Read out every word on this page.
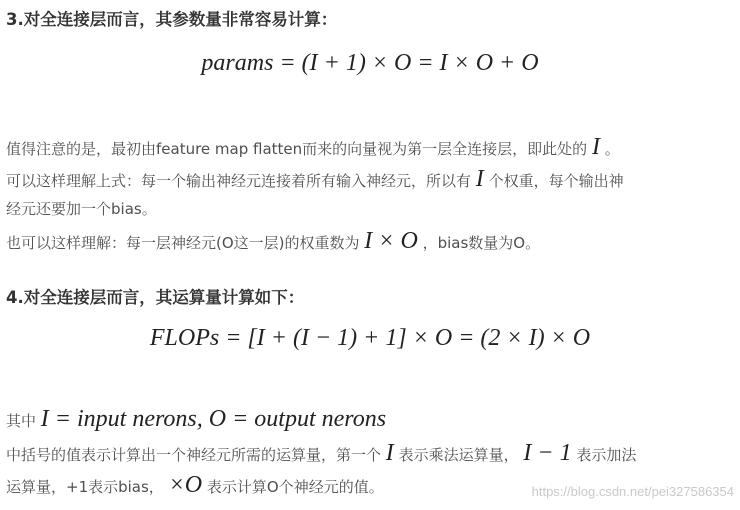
3.对全连接层而言，其参数量非常容易计算：
params = (I + 1) × O = I × O + O
值得注意的是，最初由feature map flatten而来的向量视为第一层全连接层，即此处的 I 。
可以这样理解上式：每一个输出神经元连接着所有输入神经元，所以有 I 个权重，每个输出神
经元还要加一个bias。
也可以这样理解：每一层神经元(O这一层)的权重数为 I × O ，bias数量为O。
4.对全连接层而言，其运算量计算如下：
FLOPs = [I + (I − 1) + 1] × O = (2 × I) × O
其中 I = input nerons, O = output nerons
中括号的值表示计算出一个神经元所需的运算量，第一个 I 表示乘法运算量， I − 1 表示加法
运算量，+1表示bias， ×O 表示计算O个神经元的值。	https://blog.csdn.net/pei327586354
